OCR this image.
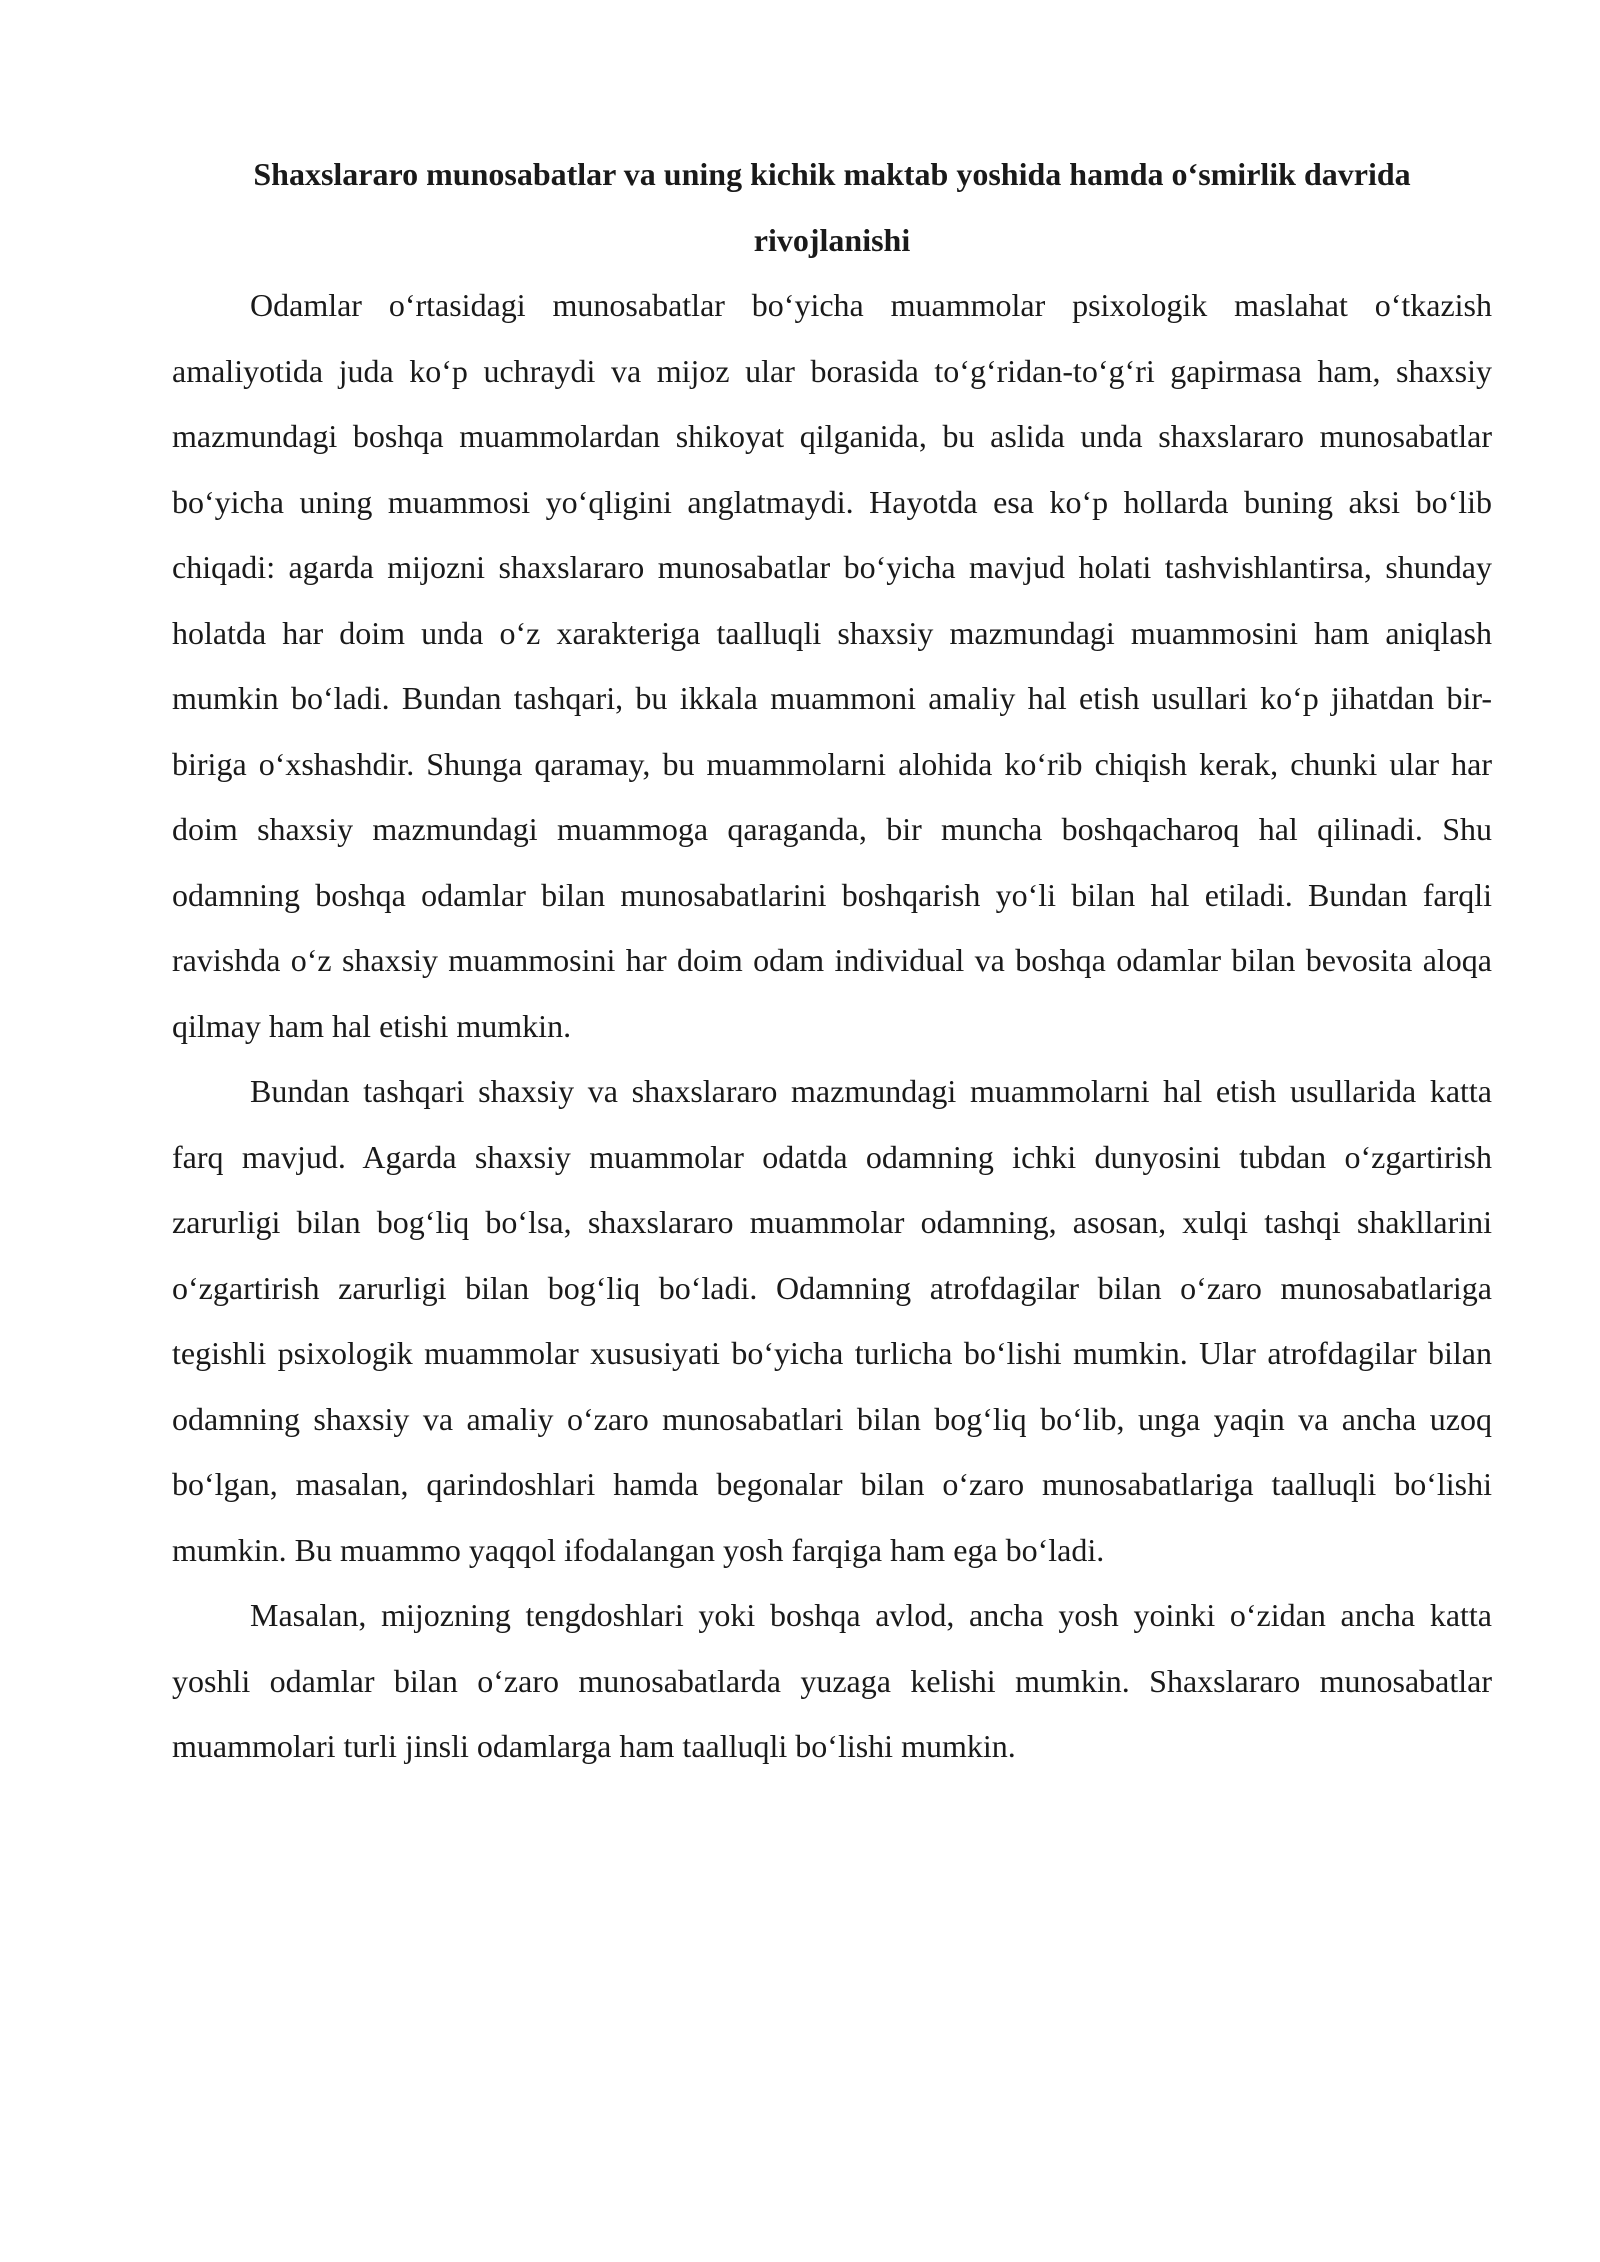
Shaxslararo munosabatlar va uning kichik maktab yoshida hamda o‘smirlik davrida rivojlanishi

Odamlar o‘rtasidagi munosabatlar bo‘yicha muammolar psixologik maslahat o‘tkazish amaliyotida juda ko‘p uchraydi va mijoz ular borasida to‘g‘ridan-to‘g‘ri gapirmasa ham, shaxsiy mazmundagi boshqa muammolardan shikoyat qilganida, bu aslida unda shaxslararo munosabatlar bo‘yicha uning muammosi yo‘qligini anglatmaydi. Hayotda esa ko‘p hollarda buning aksi bo‘lib chiqadi: agarda mijozni shaxslararo munosabatlar bo‘yicha mavjud holati tashvishlantirsa, shunday holatda har doim unda o‘z xarakteriga taalluqli shaxsiy mazmundagi muammosini ham aniqlash mumkin bo‘ladi. Bundan tashqari, bu ikkala muammoni amaliy hal etish usullari ko‘p jihatdan bir-biriga o‘xshashdir. Shunga qaramay, bu muammolarni alohida ko‘rib chiqish kerak, chunki ular har doim shaxsiy mazmundagi muammoga qaraganda, bir muncha boshqacharoq hal qilinadi. Shu odamning boshqa odamlar bilan munosabatlarini boshqarish yo‘li bilan hal etiladi. Bundan farqli ravishda o‘z shaxsiy muammosini har doim odam individual va boshqa odamlar bilan bevosita aloqa qilmay ham hal etishi mumkin.

Bundan tashqari shaxsiy va shaxslararo mazmundagi muammolarni hal etish usullarida katta farq mavjud. Agarda shaxsiy muammolar odatda odamning ichki dunyosini tubdan o‘zgartirish zarurligi bilan bog‘liq bo‘lsa, shaxslararo muammolar odamning, asosan, xulqi tashqi shakllarini o‘zgartirish zarurligi bilan bog‘liq bo‘ladi. Odamning atrofdagilar bilan o‘zaro munosabatlariga tegishli psixologik muammolar xususiyati bo‘yicha turlicha bo‘lishi mumkin. Ular atrofdagilar bilan odamning shaxsiy va amaliy o‘zaro munosabatlari bilan bog‘liq bo‘lib, unga yaqin va ancha uzoq bo‘lgan, masalan, qarindoshlari hamda begonalar bilan o‘zaro munosabatlariga taalluqli bo‘lishi mumkin. Bu muammo yaqqol ifodalangan yosh farqiga ham ega bo‘ladi.

Masalan, mijozning tengdoshlari yoki boshqa avlod, ancha yosh yoinki o‘zidan ancha katta yoshli odamlar bilan o‘zaro munosabatlarda yuzaga kelishi mumkin. Shaxslararo munosabatlar muammolari turli jinsli odamlarga ham taalluqli bo‘lishi mumkin.
